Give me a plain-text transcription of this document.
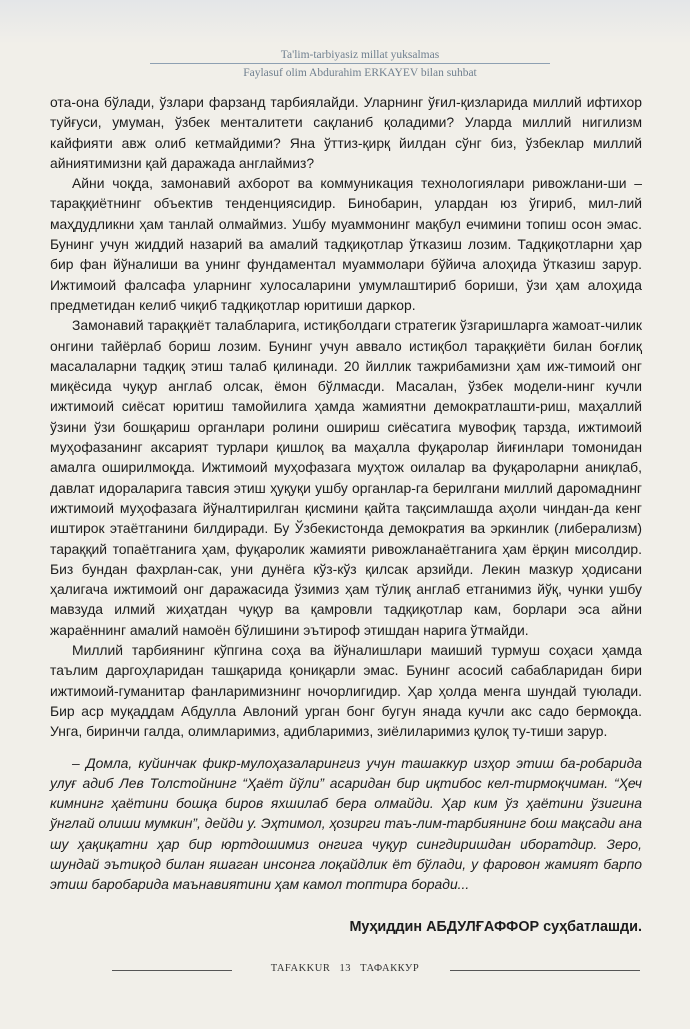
Ta'lim-tarbiyasiz millat yuksalmas
Faylasuf olim Abdurahim ERKAYEV bilan suhbat

ота-она бўлади, ўзлари фарзанд тарбиялайди. Уларнинг ўғил-қизларида миллий ифтихор туйғуси, умуман, ўзбек менталитети сақланиб қоладими? Уларда миллий нигилизм кайфияти авж олиб кетмайдими? Яна ўттиз-қирқ йилдан сўнг биз, ўзбеклар миллий айниятимизни қай даражада англаймиз?

Айни чоқда, замонавий ахборот ва коммуникация технологиялари ривожлани-ши – тараққиётнинг объектив тенденциясидир. Бинобарин, улардан юз ўгириб, мил-лий маҳдудликни ҳам танлай олмаймиз. Ушбу муаммонинг мақбул ечимини топиш осон эмас. Бунинг учун жиддий назарий ва амалий тадқиқотлар ўтказиш лозим. Тадқиқотларни ҳар бир фан йўналиши ва унинг фундаментал муаммолари бўйича алоҳида ўтказиш зарур. Ижтимоий фалсафа уларнинг хулосаларини умумлаштириб бориши, ўзи ҳам алоҳида предметидан келиб чиқиб тадқиқотлар юритиши даркор.

Замонавий тараққиёт талабларига, истиқболдаги стратегик ўзгаришларга жамоат-чилик онгини тайёрлаб бориш лозим. Бунинг учун аввало истиқбол тараққиёти билан боғлиқ масалаларни тадқиқ этиш талаб қилинади. 20 йиллик тажрибамизни ҳам иж-тимоий онг миқёсида чуқур англаб олсак, ёмон бўлмасди. Масалан, ўзбек модели-нинг кучли ижтимоий сиёсат юритиш тамойилига ҳамда жамиятни демократлашти-риш, маҳаллий ўзини ўзи бошқариш органлари ролини ошириш сиёсатига мувофиқ тарзда, ижтимоий муҳофазанинг аксарият турлари қишлоқ ва маҳалла фуқаролар йиғинлари томонидан амалга оширилмоқда. Ижтимоий муҳофазага муҳтож оилалар ва фуқароларни аниқлаб, давлат идораларига тавсия этиш ҳуқуқи ушбу органлар-га берилгани миллий даромаднинг ижтимоий муҳофазага йўналтирилган қисмини қайта тақсимлашда аҳоли чиндан-да кенг иштирок этаётганини билдиради. Бу Ўзбекистонда демократия ва эркинлик (либерализм) тараққий топаётганига ҳам, фуқаролик жамияти ривожланаётганига ҳам ёрқин мисолдир. Биз бундан фахрлан-сак, уни дунёга кўз-кўз қилсак арзийди. Лекин мазкур ҳодисани ҳалигача ижтимоий онг даражасида ўзимиз ҳам тўлиқ англаб етганимиз йўқ, чунки ушбу мавзуда илмий жиҳатдан чуқур ва қамровли тадқиқотлар кам, борлари эса айни жараённинг амалий намоён бўлишини эътироф этишдан нарига ўтмайди.

Миллий тарбиянинг кўпгина соҳа ва йўналишлари маиший турмуш соҳаси ҳамда таълим даргоҳларидан ташқарида қониқарли эмас. Бунинг асосий сабабларидан бири ижтимоий-гуманитар фанларимизнинг ночорлигидир. Ҳар ҳолда менга шундай туюлади. Бир аср муқаддам Абдулла Авлоний урган бонг бугун янада кучли акс садо бермоқда. Унга, биринчи галда, олимларимиз, адибларимиз, зиёлиларимиз қулоқ ту-тиши зарур.

– Домла, куйинчак фикр-мулоҳазаларингиз учун ташаккур изҳор этиш ба-робарида улуғ адиб Лев Толстойнинг “Ҳаёт йўли” асаридан бир иқтибос кел-тирмоқчиман. “Ҳеч кимнинг ҳаётини бошқа биров яхшилаб бера олмайди. Ҳар ким ўз ҳаётини ўзигина ўнглай олиши мумкин”, дейди у. Эҳтимол, ҳозирги таъ-лим-тарбиянинг бош мақсади ана шу ҳақиқатни ҳар бир юртдошимиз онгига чуқур сингдиришдан иборатдир. Зеро, шундай эътиқод билан яшаган инсонга лоқайдлик ёт бўлади, у фаровон жамият барпо этиш баробарида маънавиятини ҳам камол топтира боради...

Муҳиддин АБДУЛҒАФФОР суҳбатлашди.

TAFAKKUR 13 ТАФАККУР
